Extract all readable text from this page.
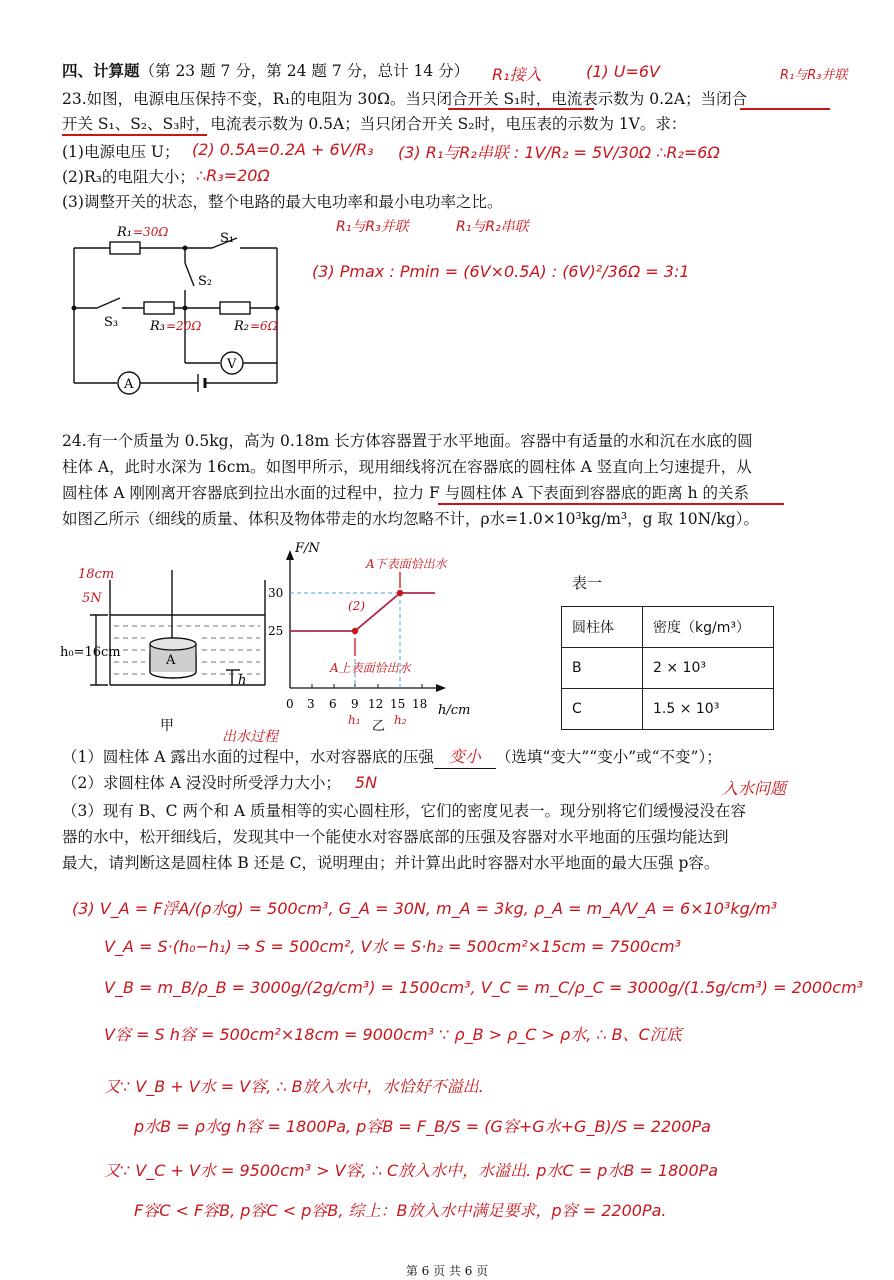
四、计算题（第 23 题 7 分，第 24 题 7 分，总计 14 分） R₁接入	(1) U=6V	R₁与R₃并联
23.如图，电源电压保持不变，R₁的电阻为 30Ω。当只闭合开关 S₁时，电流表示数为 0.2A；当闭合
开关 S₁、S₂、S₃时，电流表示数为 0.5A；当只闭合开关 S₂时，电压表的示数为 1V。求：
(1)电源电压 U；
(2)R₃的电阻大小；
(3)调整开关的状态，整个电路的最大电功率和最小电功率之比。
(2) 0.5A=0.2A + 6V/R₃
∴R₃=20Ω
(3) R₁与R₂串联 : 1V/R₂ = 5V/30Ω ∴R₂=6Ω
R₁与R₃并联	R₁与R₂串联
(3) Pmax : Pmin = (6V×0.5A) : (6V)²/36Ω = 3:1
R₁ =30Ω	S₁
S₂
S₃ R₃ =20Ω	R₂ =6Ω
V
A
24.有一个质量为 0.5kg，高为 0.18m 长方体容器置于水平地面。容器中有适量的水和沉在水底的圆
柱体 A，此时水深为 16cm。如图甲所示，现用细线将沉在容器底的圆柱体 A 竖直向上匀速提升，从
圆柱体 A 刚刚离开容器底到拉出水面的过程中，拉力 F 与圆柱体 A 下表面到容器底的距离 h 的关系
如图乙所示（细线的质量、体积及物体带走的水均忽略不计，ρ水=1.0×10³kg/m³，g 取 10N/kg）。
18cm
5N
A
h₀=16cm
h
甲
出水过程
F/N
h/cm
乙
25
30
0 3 6 9 12 15 18
h₁	h₂
A下表面恰出水
(2)
A上表面恰出水
表一
圆柱体	密度（kg/m³）
B	2 × 10³
C	1.5 × 10³
（1）圆柱体 A 露出水面的过程中，水对容器底的压强 变小 （选填“变大”“变小”或“不变”）；
（2）求圆柱体 A 浸没时所受浮力大小； 5N	入水问题
（3）现有 B、C 两个和 A 质量相等的实心圆柱形，它们的密度见表一。现分别将它们缓慢浸没在容
器的水中，松开细线后，发现其中一个能使水对容器底部的压强及容器对水平地面的压强均能达到
最大，请判断这是圆柱体 B 还是 C，说明理由；并计算出此时容器对水平地面的最大压强 p容。
(3) V_A = F浮A/(ρ水g) = 500cm³, G_A = 30N, m_A = 3kg, ρ_A = m_A/V_A = 6×10³kg/m³
V_A = S·(h₀−h₁) ⇒ S = 500cm², V水 = S·h₂ = 500cm²×15cm = 7500cm³
V_B = m_B/ρ_B = 3000g/(2g/cm³) = 1500cm³, V_C = m_C/ρ_C = 3000g/(1.5g/cm³) = 2000cm³
V容 = S h容 = 500cm²×18cm = 9000cm³ ∵ ρ_B > ρ_C > ρ水, ∴ B、C沉底
又∵ V_B + V水 = V容, ∴ B放入水中，水恰好不溢出.
p水B = ρ水g h容 = 1800Pa, p容B = F_B/S = (G容+G水+G_B)/S = 2200Pa
又∵ V_C + V水 = 9500cm³ > V容, ∴ C放入水中，水溢出. p水C = p水B = 1800Pa
F容C < F容B, p容C < p容B, 综上：B放入水中满足要求，p容 = 2200Pa.
第 6 页 共 6 页
